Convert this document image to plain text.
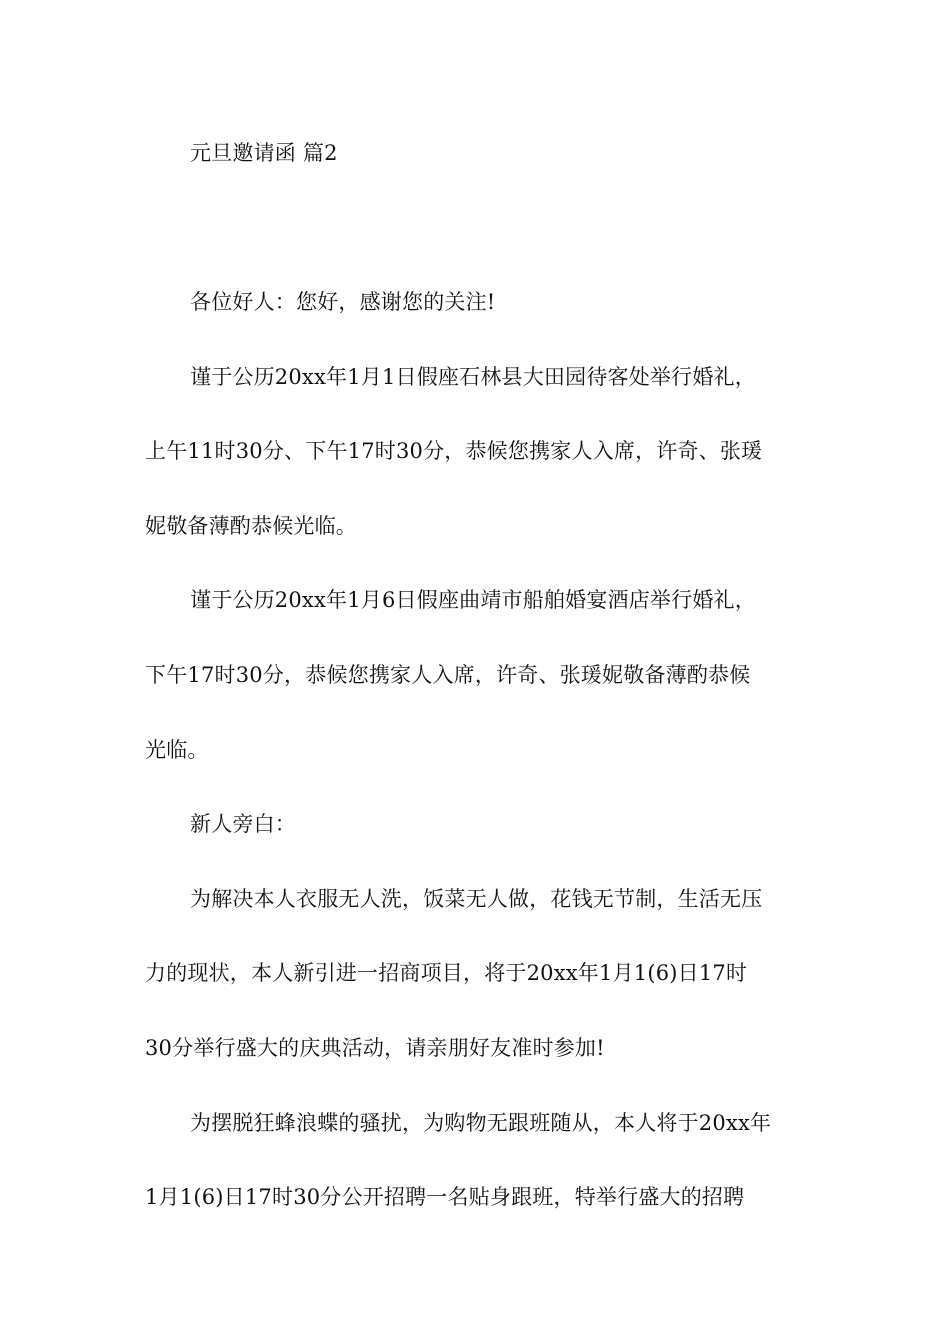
元旦邀请函 篇2
各位好人：您好，感谢您的关注!
谨于公历20xx年1月1日假座石林县大田园待客处举行婚礼，
上午11时30分、下午17时30分，恭候您携家人入席，许奇、张瑗
妮敬备薄酌恭候光临。
谨于公历20xx年1月6日假座曲靖市船舶婚宴酒店举行婚礼，
下午17时30分，恭候您携家人入席，许奇、张瑗妮敬备薄酌恭候
光临。
新人旁白：
为解决本人衣服无人洗，饭菜无人做，花钱无节制，生活无压
力的现状，本人新引进一招商项目，将于20xx年1月1(6)日17时
30分举行盛大的庆典活动，请亲朋好友准时参加!
为摆脱狂蜂浪蝶的骚扰，为购物无跟班随从，本人将于20xx年
1月1(6)日17时30分公开招聘一名贴身跟班，特举行盛大的招聘
